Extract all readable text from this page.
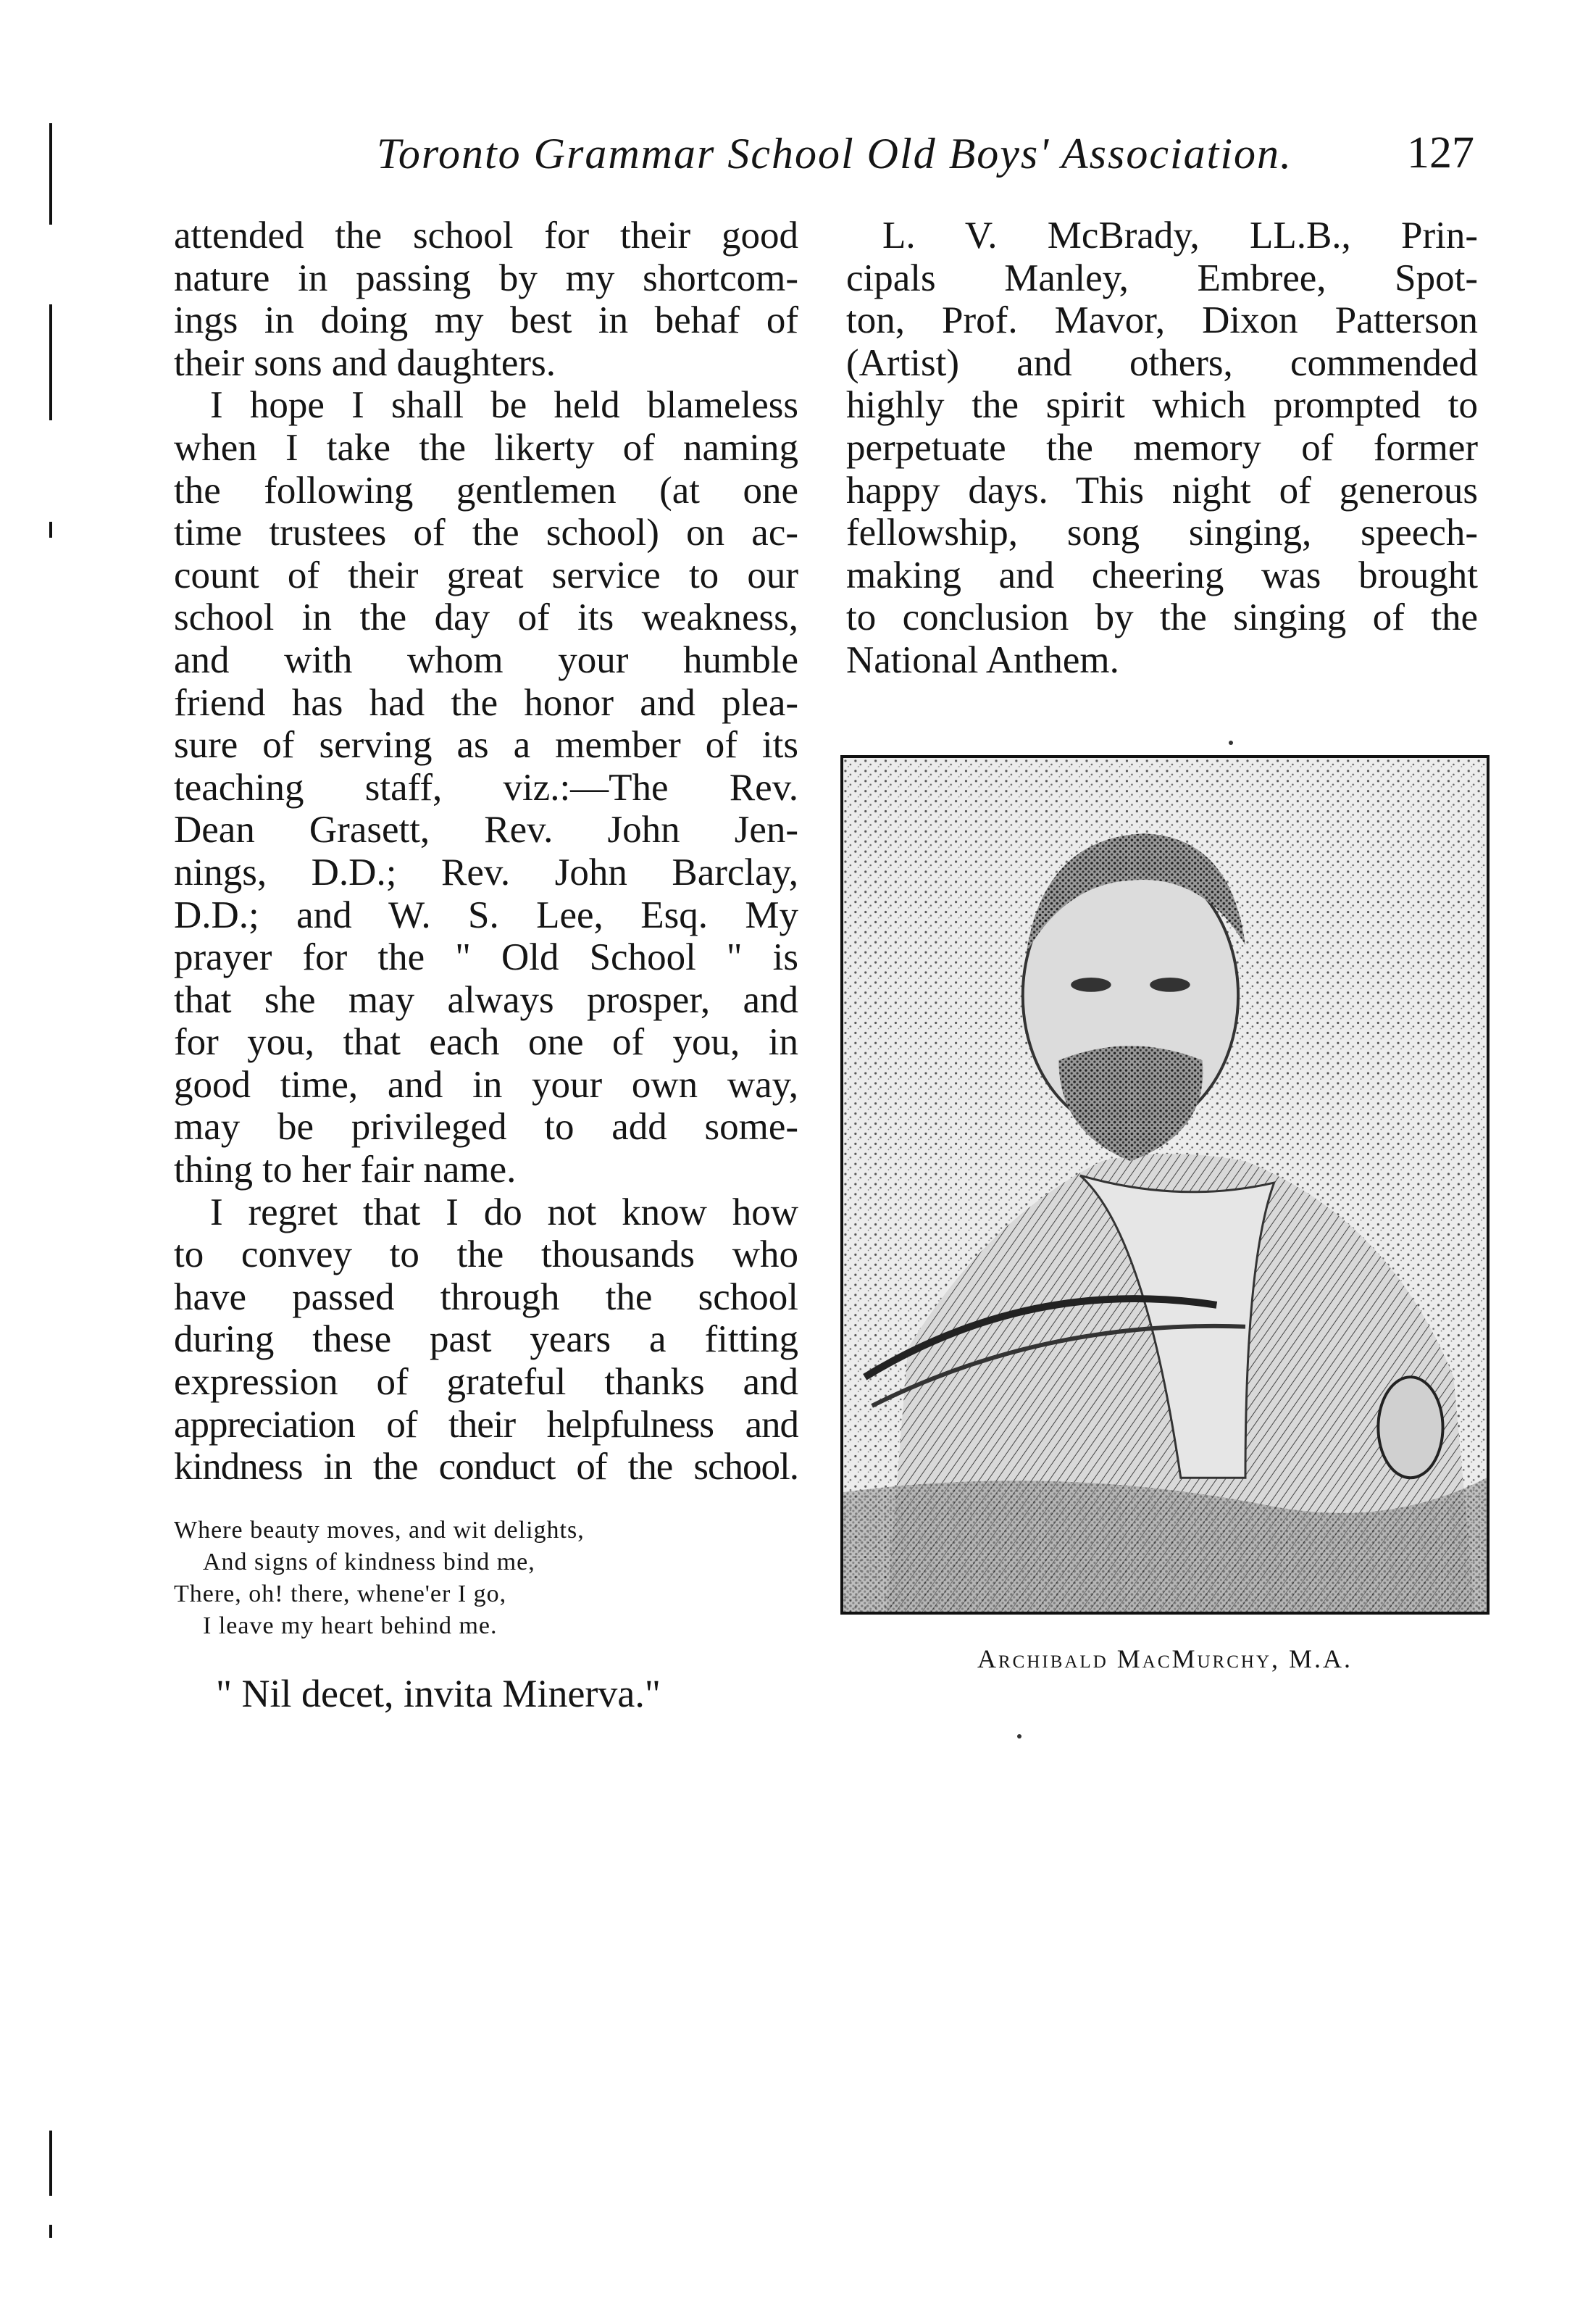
Toronto Grammar School Old Boys' Association.	127
attended the school for their good
nature in passing by my shortcom-
ings in doing my best in behaf of
their sons and daughters.
I hope I shall be held blameless
when I take the likerty of naming
the following gentlemen (at one
time trustees of the school) on ac-
count of their great service to our
school in the day of its weakness,
and with whom your humble
friend has had the honor and plea-
sure of serving as a member of its
teaching staff, viz.:—The Rev.
Dean Grasett, Rev. John Jen-
nings, D.D.; Rev. John Barclay,
D.D.; and W. S. Lee, Esq. My
prayer for the " Old School " is
that she may always prosper, and
for you, that each one of you, in
good time, and in your own way,
may be privileged to add some-
thing to her fair name.
I regret that I do not know how
to convey to the thousands who
have passed through the school
during these past years a fitting
expression of grateful thanks and
appreciation of their helpfulness and
kindness in the conduct of the school.
Where beauty moves, and wit delights,
And signs of kindness bind me,
There, oh! there, whene'er I go,
I leave my heart behind me.
" Nil decet, invita Minerva."
L. V. McBrady, LL.B., Prin-
cipals Manley, Embree, Spot-
ton, Prof. Mavor, Dixon Patterson
(Artist) and others, commended
highly the spirit which prompted to
perpetuate the memory of former
happy days. This night of generous
fellowship, song singing, speech-
making and cheering was brought
to conclusion by the singing of the
National Anthem.
Archibald MacMurchy, M.A.
